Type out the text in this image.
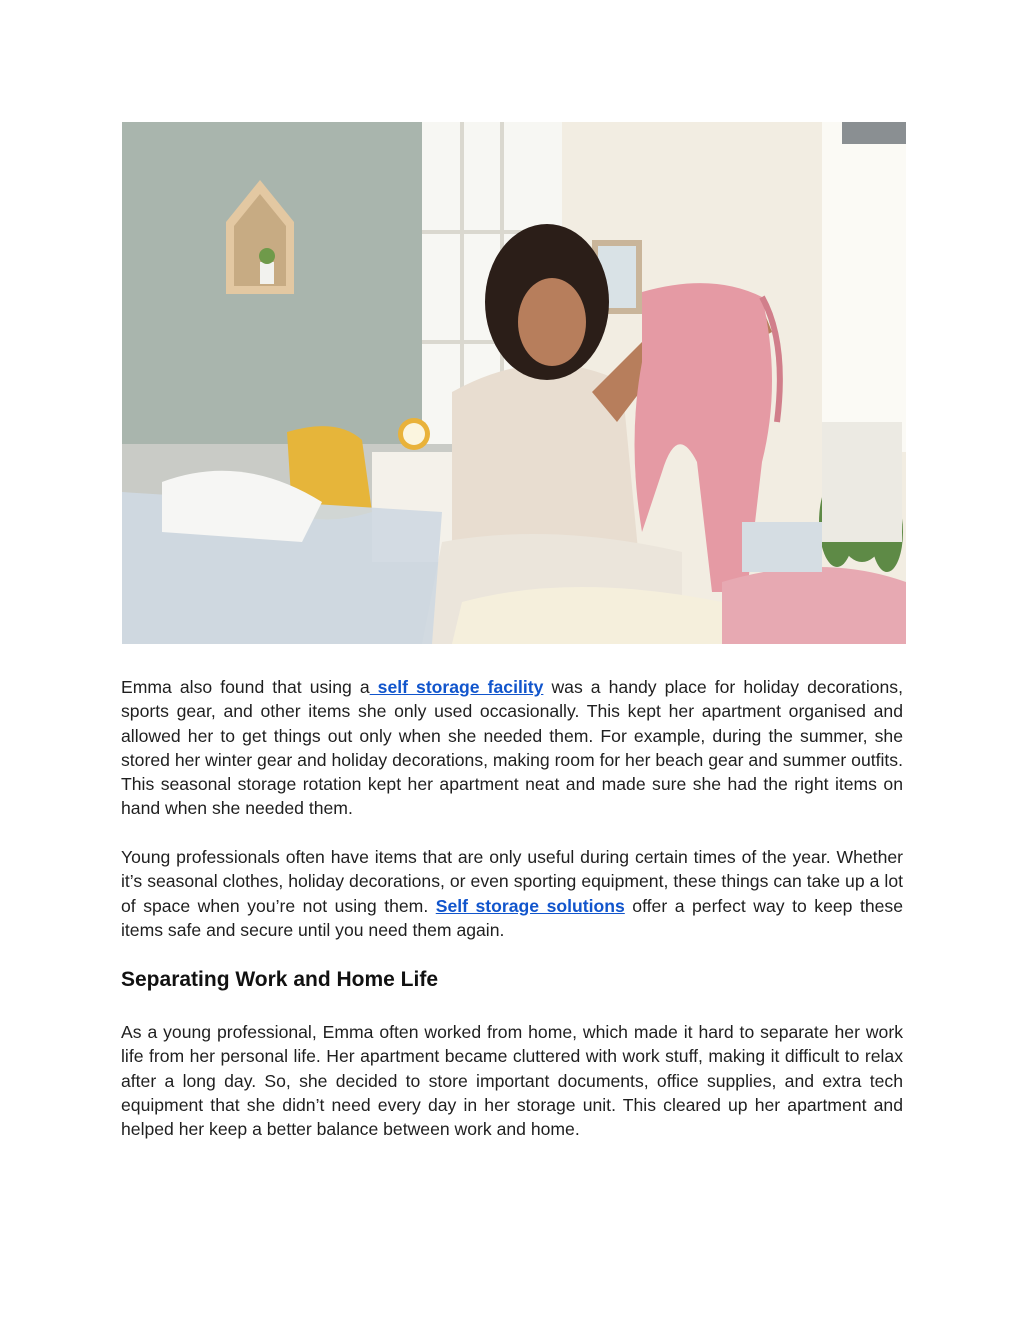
Emma also found that using a self storage facility was a handy place for holiday decorations, sports gear, and other items she only used occasionally. This kept her apartment organised and allowed her to get things out only when she needed them. For example, during the summer, she stored her winter gear and holiday decorations, making room for her beach gear and summer outfits. This seasonal storage rotation kept her apartment neat and made sure she had the right items on hand when she needed them.

Young professionals often have items that are only useful during certain times of the year. Whether it’s seasonal clothes, holiday decorations, or even sporting equipment, these things can take up a lot of space when you’re not using them. Self storage solutions offer a perfect way to keep these items safe and secure until you need them again.

Separating Work and Home Life

As a young professional, Emma often worked from home, which made it hard to separate her work life from her personal life. Her apartment became cluttered with work stuff, making it difficult to relax after a long day. So, she decided to store important documents, office supplies, and extra tech equipment that she didn’t need every day in her storage unit. This cleared up her apartment and helped her keep a better balance between work and home.
